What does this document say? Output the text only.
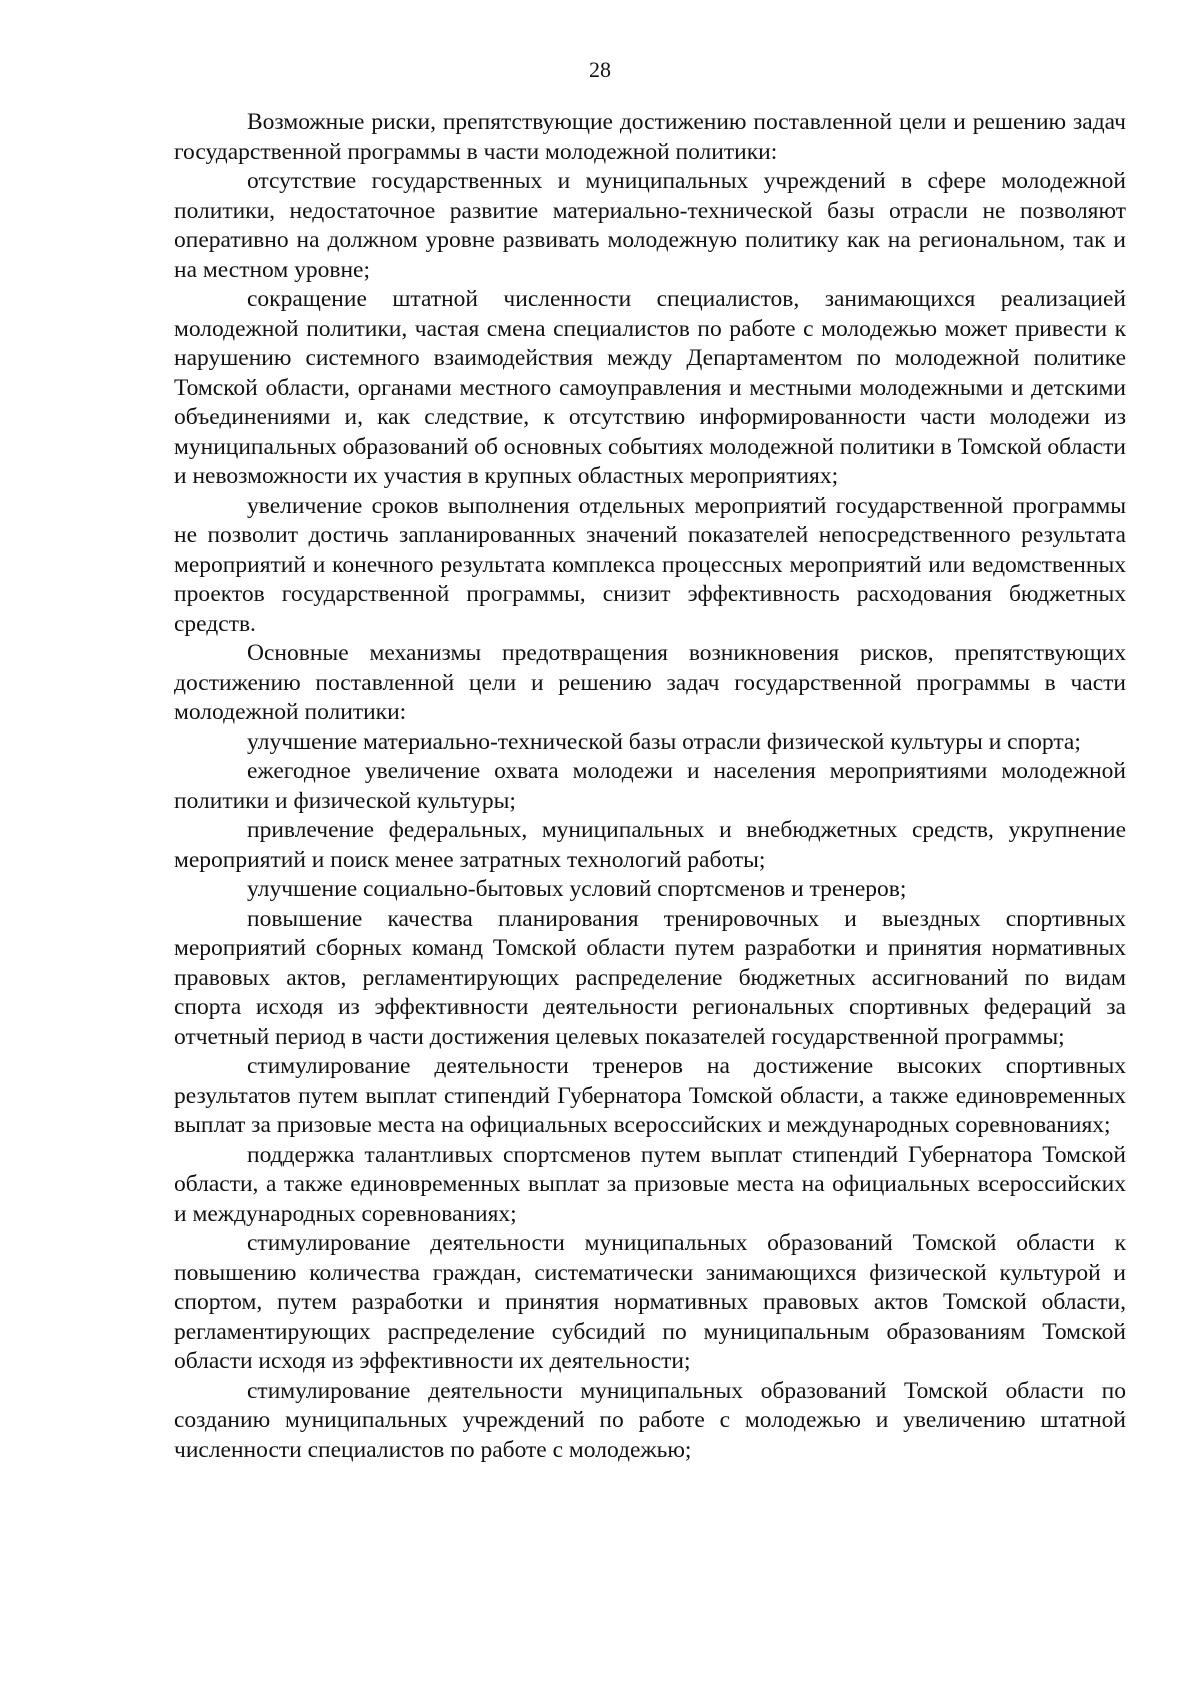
28

Возможные риски, препятствующие достижению поставленной цели и решению задач государственной программы в части молодежной политики:

отсутствие государственных и муниципальных учреждений в сфере молодежной политики, недостаточное развитие материально-технической базы отрасли не позволяют оперативно на должном уровне развивать молодежную политику как на региональном, так и на местном уровне;

сокращение штатной численности специалистов, занимающихся реализацией молодежной политики, частая смена специалистов по работе с молодежью может привести к нарушению системного взаимодействия между Департаментом по молодежной политике Томской области, органами местного самоуправления и местными молодежными и детскими объединениями и, как следствие, к отсутствию информированности части молодежи из муниципальных образований об основных событиях молодежной политики в Томской области и невозможности их участия в крупных областных мероприятиях;

увеличение сроков выполнения отдельных мероприятий государственной программы не позволит достичь запланированных значений показателей непосредственного результата мероприятий и конечного результата комплекса процессных мероприятий или ведомственных проектов государственной программы, снизит эффективность расходования бюджетных средств.

Основные механизмы предотвращения возникновения рисков, препятствующих достижению поставленной цели и решению задач государственной программы в части молодежной политики:

улучшение материально-технической базы отрасли физической культуры и спорта;

ежегодное увеличение охвата молодежи и населения мероприятиями молодежной политики и физической культуры;

привлечение федеральных, муниципальных и внебюджетных средств, укрупнение мероприятий и поиск менее затратных технологий работы;

улучшение социально-бытовых условий спортсменов и тренеров;

повышение качества планирования тренировочных и выездных спортивных мероприятий сборных команд Томской области путем разработки и принятия нормативных правовых актов, регламентирующих распределение бюджетных ассигнований по видам спорта исходя из эффективности деятельности региональных спортивных федераций за отчетный период в части достижения целевых показателей государственной программы;

стимулирование деятельности тренеров на достижение высоких спортивных результатов путем выплат стипендий Губернатора Томской области, а также единовременных выплат за призовые места на официальных всероссийских и международных соревнованиях;

поддержка талантливых спортсменов путем выплат стипендий Губернатора Томской области, а также единовременных выплат за призовые места на официальных всероссийских и международных соревнованиях;

стимулирование деятельности муниципальных образований Томской области к повышению количества граждан, систематически занимающихся физической культурой и спортом, путем разработки и принятия нормативных правовых актов Томской области, регламентирующих распределение субсидий по муниципальным образованиям Томской области исходя из эффективности их деятельности;

стимулирование деятельности муниципальных образований Томской области по созданию муниципальных учреждений по работе с молодежью и увеличению штатной численности специалистов по работе с молодежью;
